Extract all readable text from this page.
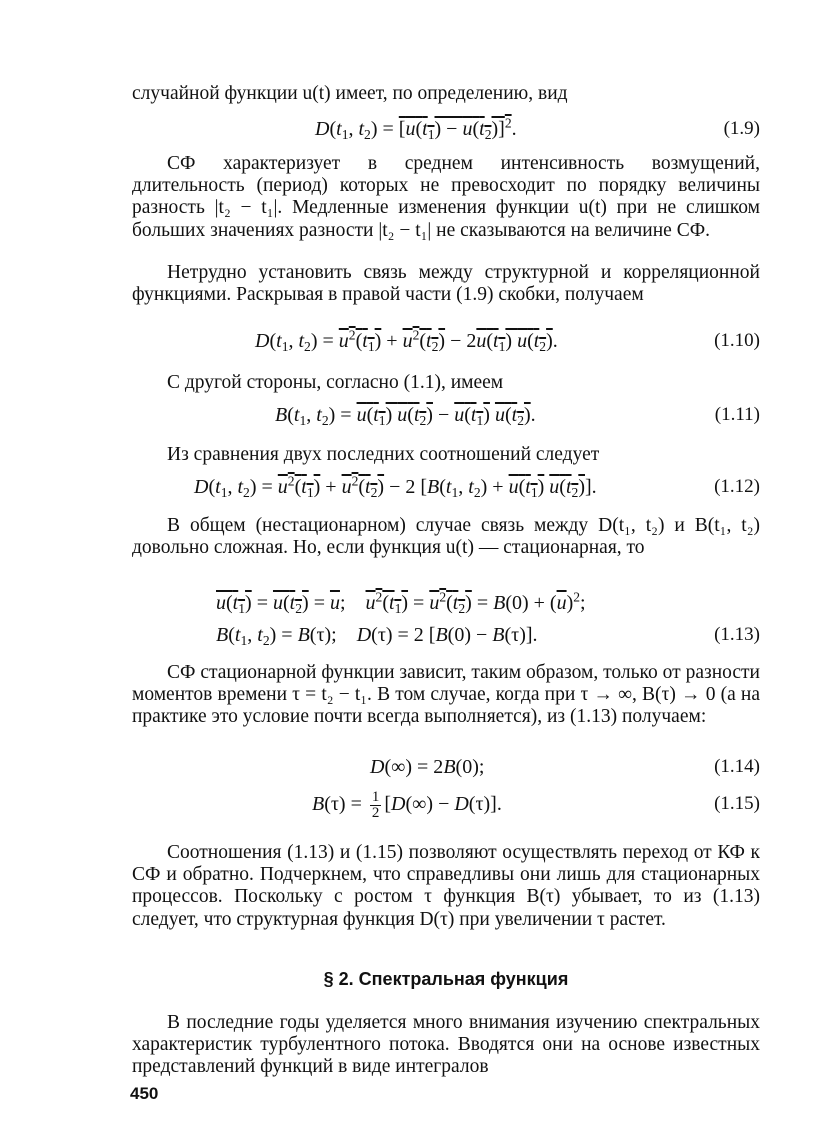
случайной функции u(t) имеет, по определению, вид

$D(t_1$, $t_2) = [u(t_1) - u(t_2)]^2$.	(1.9)

СФ характеризует в среднем интенсивность возмущений, длительность (период) которых не превосходит по порядку величины разность |t₂ − t₁|. Медленные изменения функции u(t) при не слишком больших значениях разности |t₂ − t₁| не сказываются на величине СФ.

Нетрудно установить связь между структурной и корреляционной функциями. Раскрывая в правой части (1.9) скобки, получаем

$D(t_1$, $t_2) = u^2(t_1) + u^2(t_2) - 2u(t_1)$ $u(t_2)$.	(1.10)

С другой стороны, согласно (1.1), имеем

$B(t_1$, $t_2) = u(t_1)$ $u(t_2) - u(t_1)$ $u(t_2)$.	(1.11)

Из сравнения двух последних соотношений следует

$D(t_1$, $t_2) = u^2(t_1) + u^2(t_2) - 2$ [$B(t_1$, $t_2) + u(t_1)$ $u(t_2)$].	(1.12)

В общем (нестационарном) случае связь между D(t₁, t₂) и B(t₁, t₂) довольно сложная. Но, если функция u(t) — стационарная, то

$u(t_1) = u(t_2) = \overline{u}$;    $u^2(t_1) = u^2(t_2) = B(0) + (\overline{u})^2$;
$B(t_1$, $t_2) = B(\tau)$;    D(τ) = 2 [B(0) − B(τ)].	(1.13)

СФ стационарной функции зависит, таким образом, только от разности моментов времени τ = t₂ − t₁. В том случае, когда при τ → ∞, B(τ) → 0 (а на практике это условие почти всегда выполняется), из (1.13) получаем:

D(∞) = 2B(0);	(1.14)
$B(\tau) = \frac{1}{2} [D(\infty) - D(\tau)]$.	(1.15)

Соотношения (1.13) и (1.15) позволяют осуществлять переход от КФ к СФ и обратно. Подчеркнем, что справедливы они лишь для стационарных процессов. Поскольку с ростом τ функция B(τ) убывает, то из (1.13) следует, что структурная функция D(τ) при увеличении τ растет.

§ 2. Спектральная функция

В последние годы уделяется много внимания изучению спектральных характеристик турбулентного потока. Вводятся они на основе известных представлений функций в виде интегралов

450
